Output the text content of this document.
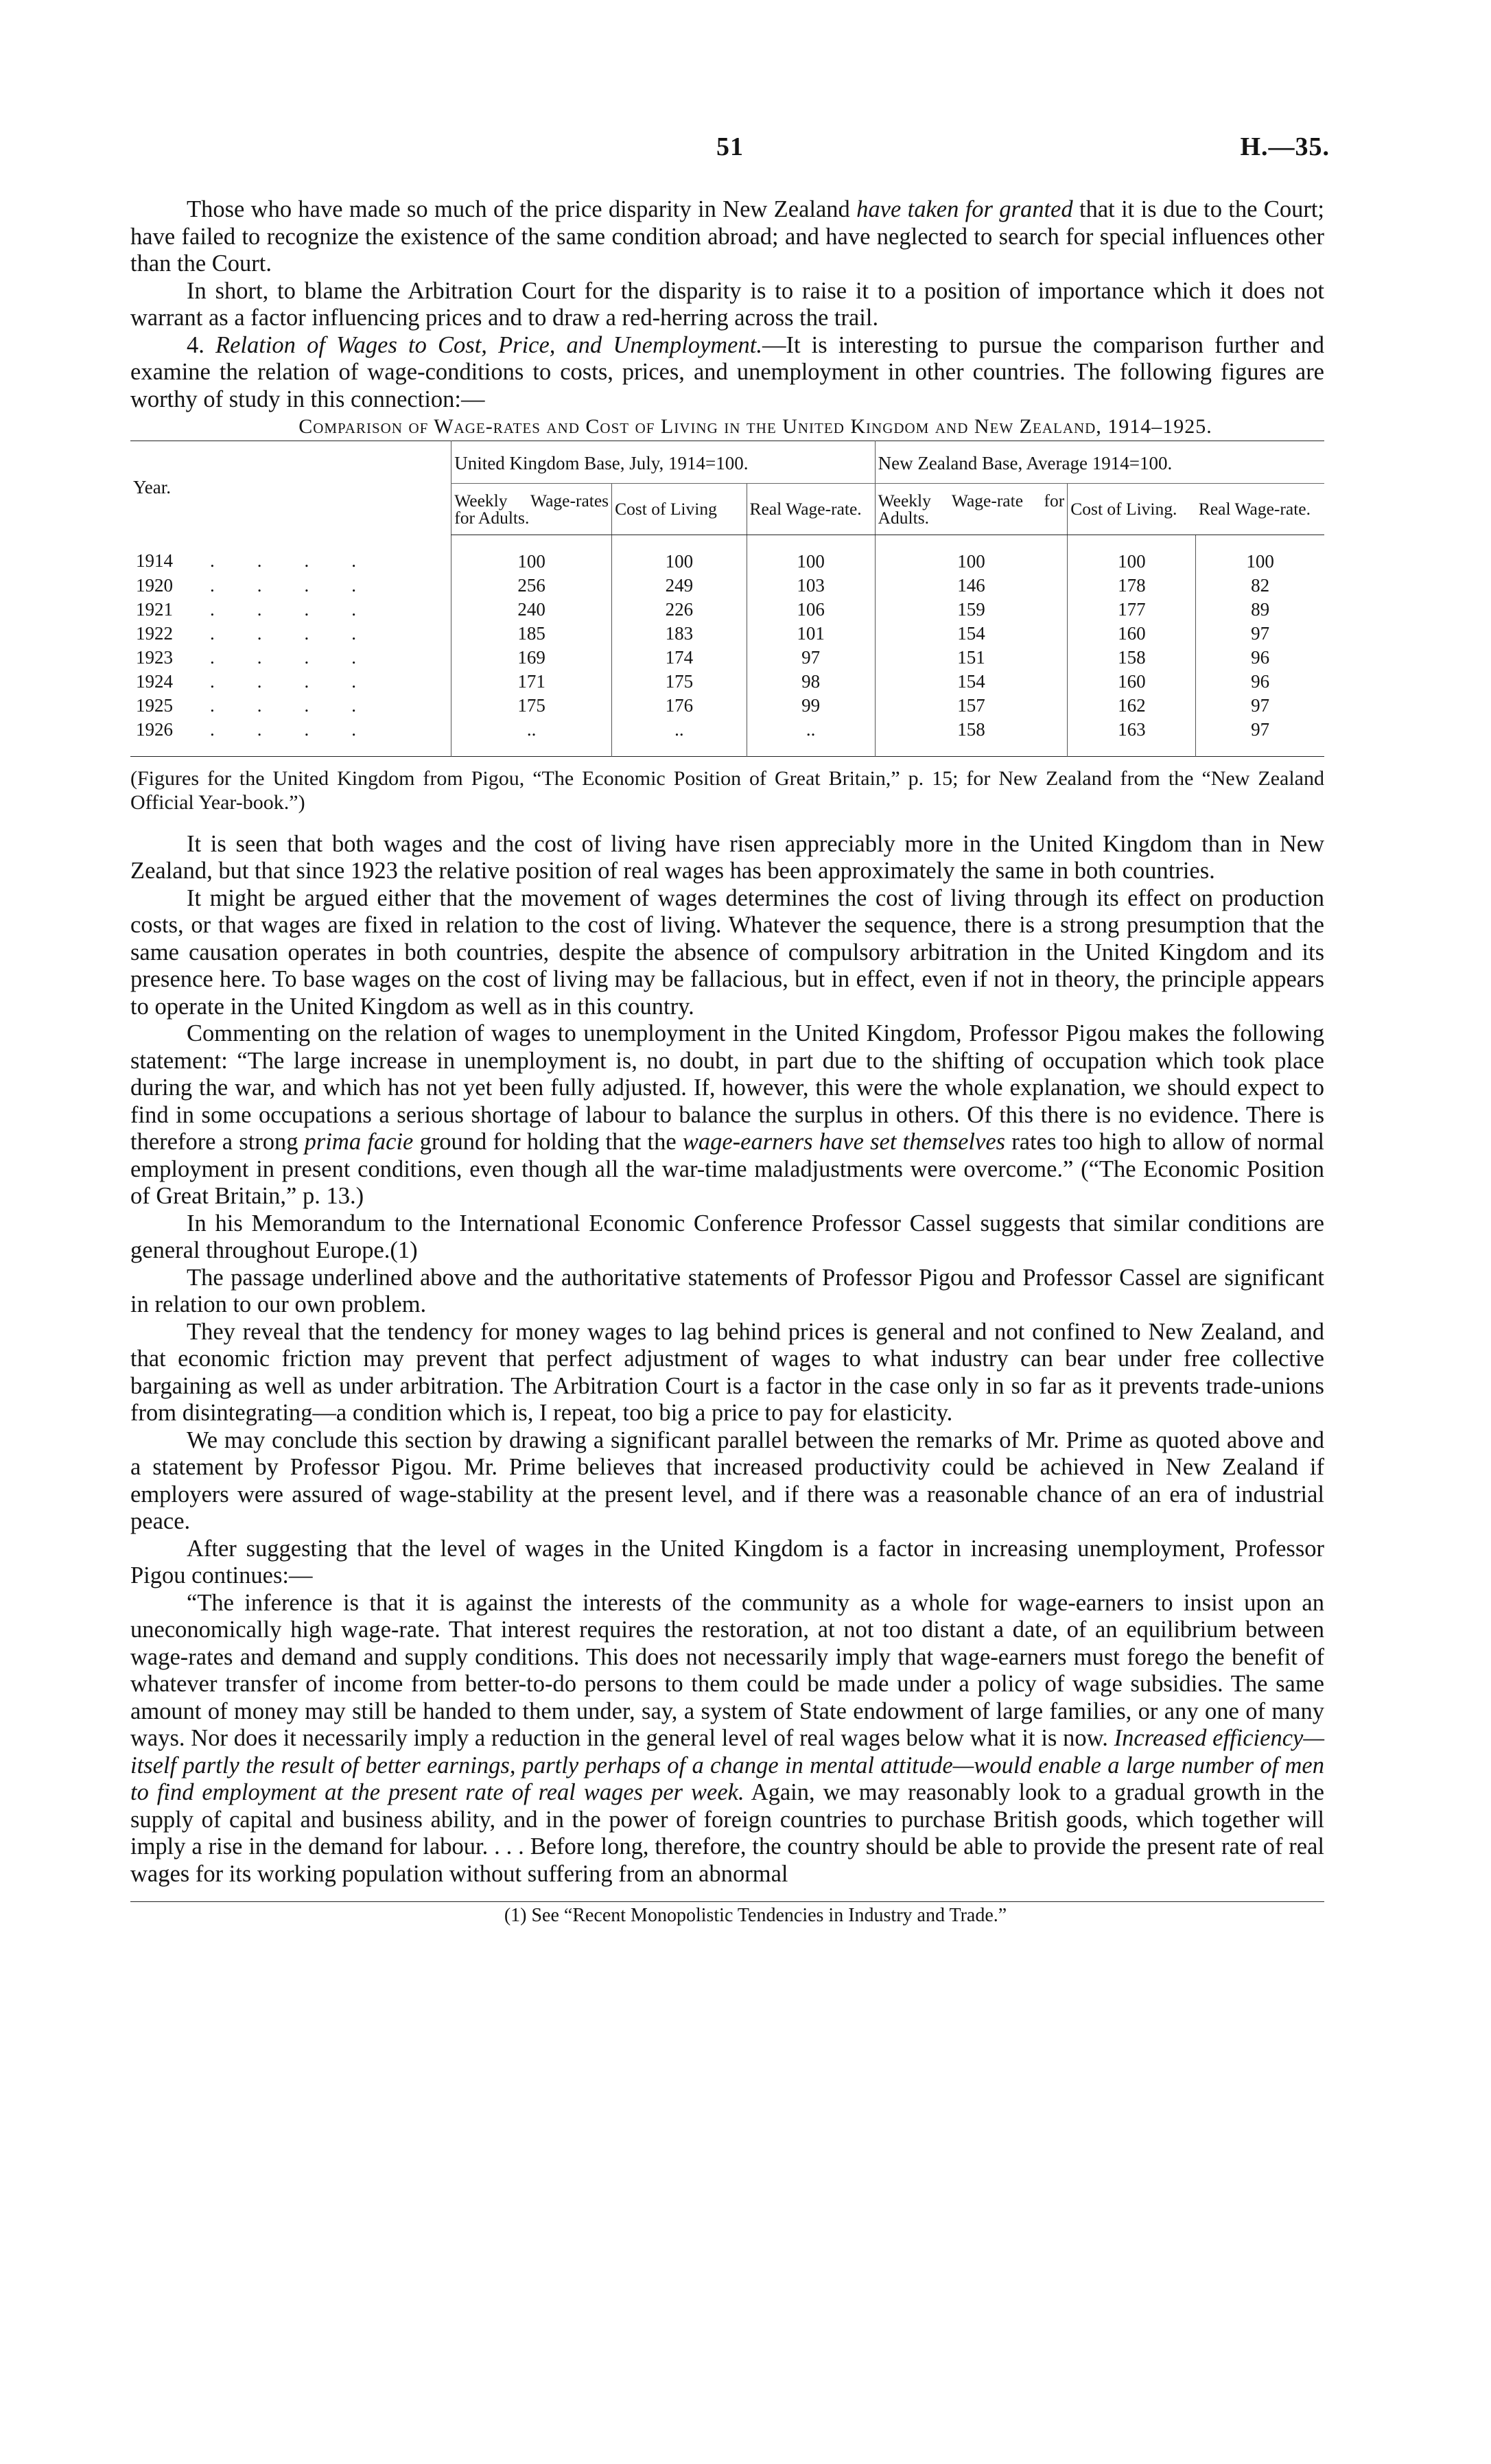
51	H.—35.

Those who have made so much of the price disparity in New Zealand have taken for granted that it is due to the Court; have failed to recognize the existence of the same condition abroad; and have neglected to search for special influences other than the Court.

In short, to blame the Arbitration Court for the disparity is to raise it to a position of importance which it does not warrant as a factor influencing prices and to draw a red-herring across the trail.

4. Relation of Wages to Cost, Price, and Unemployment.—It is interesting to pursue the comparison further and examine the relation of wage-conditions to costs, prices, and unemployment in other countries. The following figures are worthy of study in this connection:—

Comparison of Wage-rates and Cost of Living in the United Kingdom and New Zealand, 1914–1925.

Year.	United Kingdom Base, July, 1914=100.			New Zealand Base, Average 1914=100.		
	Weekly Wage-rates for Adults.	Cost of Living	Real Wage-rate.	Weekly Wage-rate for Adults.	Cost of Living.	Real Wage-rate.
1914 ....	100	100	100	100	100	100
1920 ....	256	249	103	146	178	82
1921 ....	240	226	106	159	177	89
1922 ....	185	183	101	154	160	97
1923 ....	169	174	97	151	158	96
1924 ....	171	175	98	154	160	96
1925 ....	175	176	99	157	162	97
1926 ....	..	..	..	158	163	97

(Figures for the United Kingdom from Pigou, “The Economic Position of Great Britain,” p. 15; for New Zealand from the “New Zealand Official Year-book.”)

It is seen that both wages and the cost of living have risen appreciably more in the United Kingdom than in New Zealand, but that since 1923 the relative position of real wages has been approximately the same in both countries.

It might be argued either that the movement of wages determines the cost of living through its effect on production costs, or that wages are fixed in relation to the cost of living. Whatever the sequence, there is a strong presumption that the same causation operates in both countries, despite the absence of compulsory arbitration in the United Kingdom and its presence here. To base wages on the cost of living may be fallacious, but in effect, even if not in theory, the principle appears to operate in the United Kingdom as well as in this country.

Commenting on the relation of wages to unemployment in the United Kingdom, Professor Pigou makes the following statement: “The large increase in unemployment is, no doubt, in part due to the shifting of occupation which took place during the war, and which has not yet been fully adjusted. If, however, this were the whole explanation, we should expect to find in some occupations a serious shortage of labour to balance the surplus in others. Of this there is no evidence. There is therefore a strong prima facie ground for holding that the wage-earners have set themselves rates too high to allow of normal employment in present conditions, even though all the war-time maladjustments were overcome.” (“The Economic Position of Great Britain,” p. 13.)

In his Memorandum to the International Economic Conference Professor Cassel suggests that similar conditions are general throughout Europe.(1)

The passage underlined above and the authoritative statements of Professor Pigou and Professor Cassel are significant in relation to our own problem.

They reveal that the tendency for money wages to lag behind prices is general and not confined to New Zealand, and that economic friction may prevent that perfect adjustment of wages to what industry can bear under free collective bargaining as well as under arbitration. The Arbitration Court is a factor in the case only in so far as it prevents trade-unions from disintegrating—a condition which is, I repeat, too big a price to pay for elasticity.

We may conclude this section by drawing a significant parallel between the remarks of Mr. Prime as quoted above and a statement by Professor Pigou. Mr. Prime believes that increased productivity could be achieved in New Zealand if employers were assured of wage-stability at the present level, and if there was a reasonable chance of an era of industrial peace.

After suggesting that the level of wages in the United Kingdom is a factor in increasing unemployment, Professor Pigou continues:—

“The inference is that it is against the interests of the community as a whole for wage-earners to insist upon an uneconomically high wage-rate. That interest requires the restoration, at not too distant a date, of an equilibrium between wage-rates and demand and supply conditions. This does not necessarily imply that wage-earners must forego the benefit of whatever transfer of income from better-to-do persons to them could be made under a policy of wage subsidies. The same amount of money may still be handed to them under, say, a system of State endowment of large families, or any one of many ways. Nor does it necessarily imply a reduction in the general level of real wages below what it is now. Increased efficiency—itself partly the result of better earnings, partly perhaps of a change in mental attitude—would enable a large number of men to find employment at the present rate of real wages per week. Again, we may reasonably look to a gradual growth in the supply of capital and business ability, and in the power of foreign countries to purchase British goods, which together will imply a rise in the demand for labour. . . . Before long, therefore, the country should be able to provide the present rate of real wages for its working population without suffering from an abnormal

(1) See “Recent Monopolistic Tendencies in Industry and Trade.”
